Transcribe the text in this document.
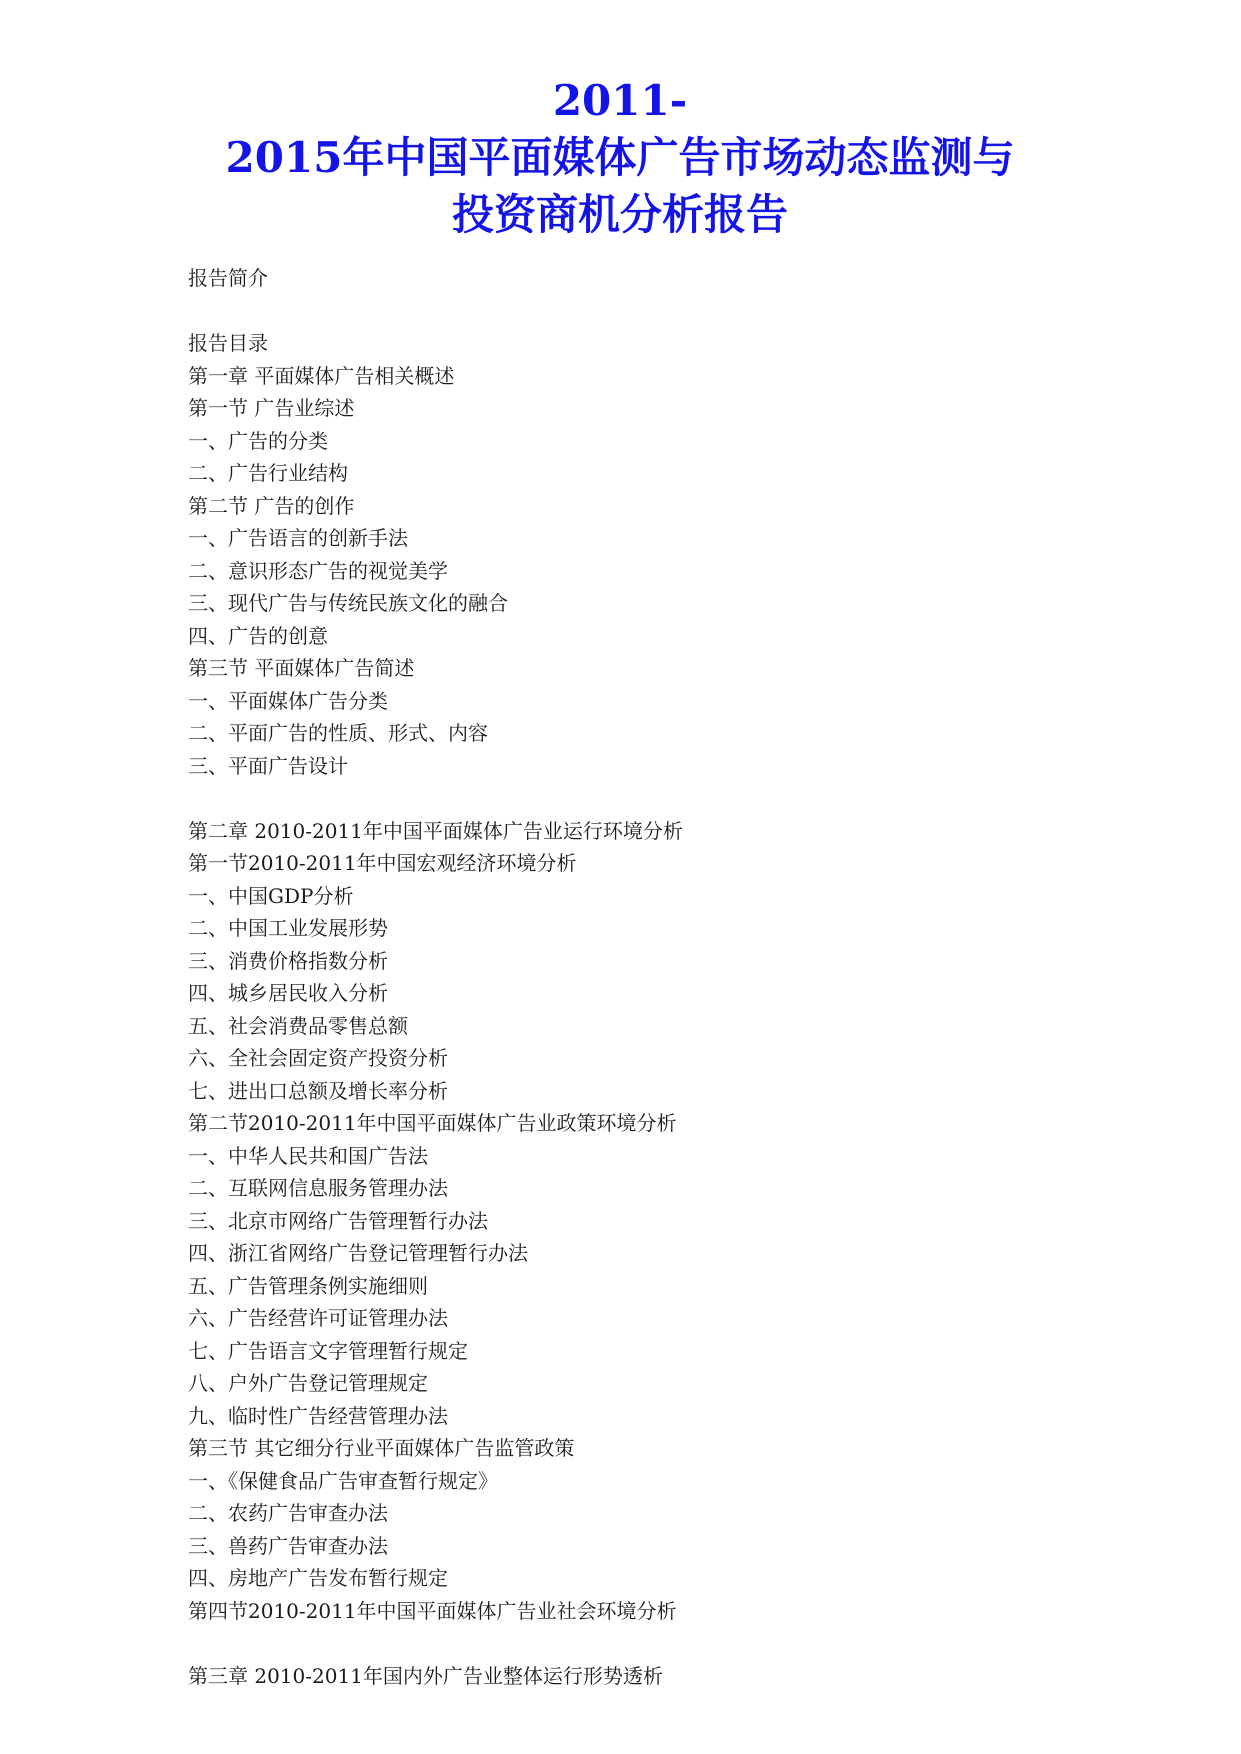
2011-
2015年中国平面媒体广告市场动态监测与
投资商机分析报告
报告简介
报告目录
第一章 平面媒体广告相关概述
第一节 广告业综述
一、广告的分类
二、广告行业结构
第二节 广告的创作
一、广告语言的创新手法
二、意识形态广告的视觉美学
三、现代广告与传统民族文化的融合
四、广告的创意
第三节 平面媒体广告简述
一、平面媒体广告分类
二、平面广告的性质、形式、内容
三、平面广告设计
第二章 2010-2011年中国平面媒体广告业运行环境分析
第一节2010-2011年中国宏观经济环境分析
一、中国GDP分析
二、中国工业发展形势
三、消费价格指数分析
四、城乡居民收入分析
五、社会消费品零售总额
六、全社会固定资产投资分析
七、进出口总额及增长率分析
第二节2010-2011年中国平面媒体广告业政策环境分析
一、中华人民共和国广告法
二、互联网信息服务管理办法
三、北京市网络广告管理暂行办法
四、浙江省网络广告登记管理暂行办法
五、广告管理条例实施细则
六、广告经营许可证管理办法
七、广告语言文字管理暂行规定
八、户外广告登记管理规定
九、临时性广告经营管理办法
第三节 其它细分行业平面媒体广告监管政策
一、《保健食品广告审查暂行规定》
二、农药广告审查办法
三、兽药广告审查办法
四、房地产广告发布暂行规定
第四节2010-2011年中国平面媒体广告业社会环境分析
第三章 2010-2011年国内外广告业整体运行形势透析
